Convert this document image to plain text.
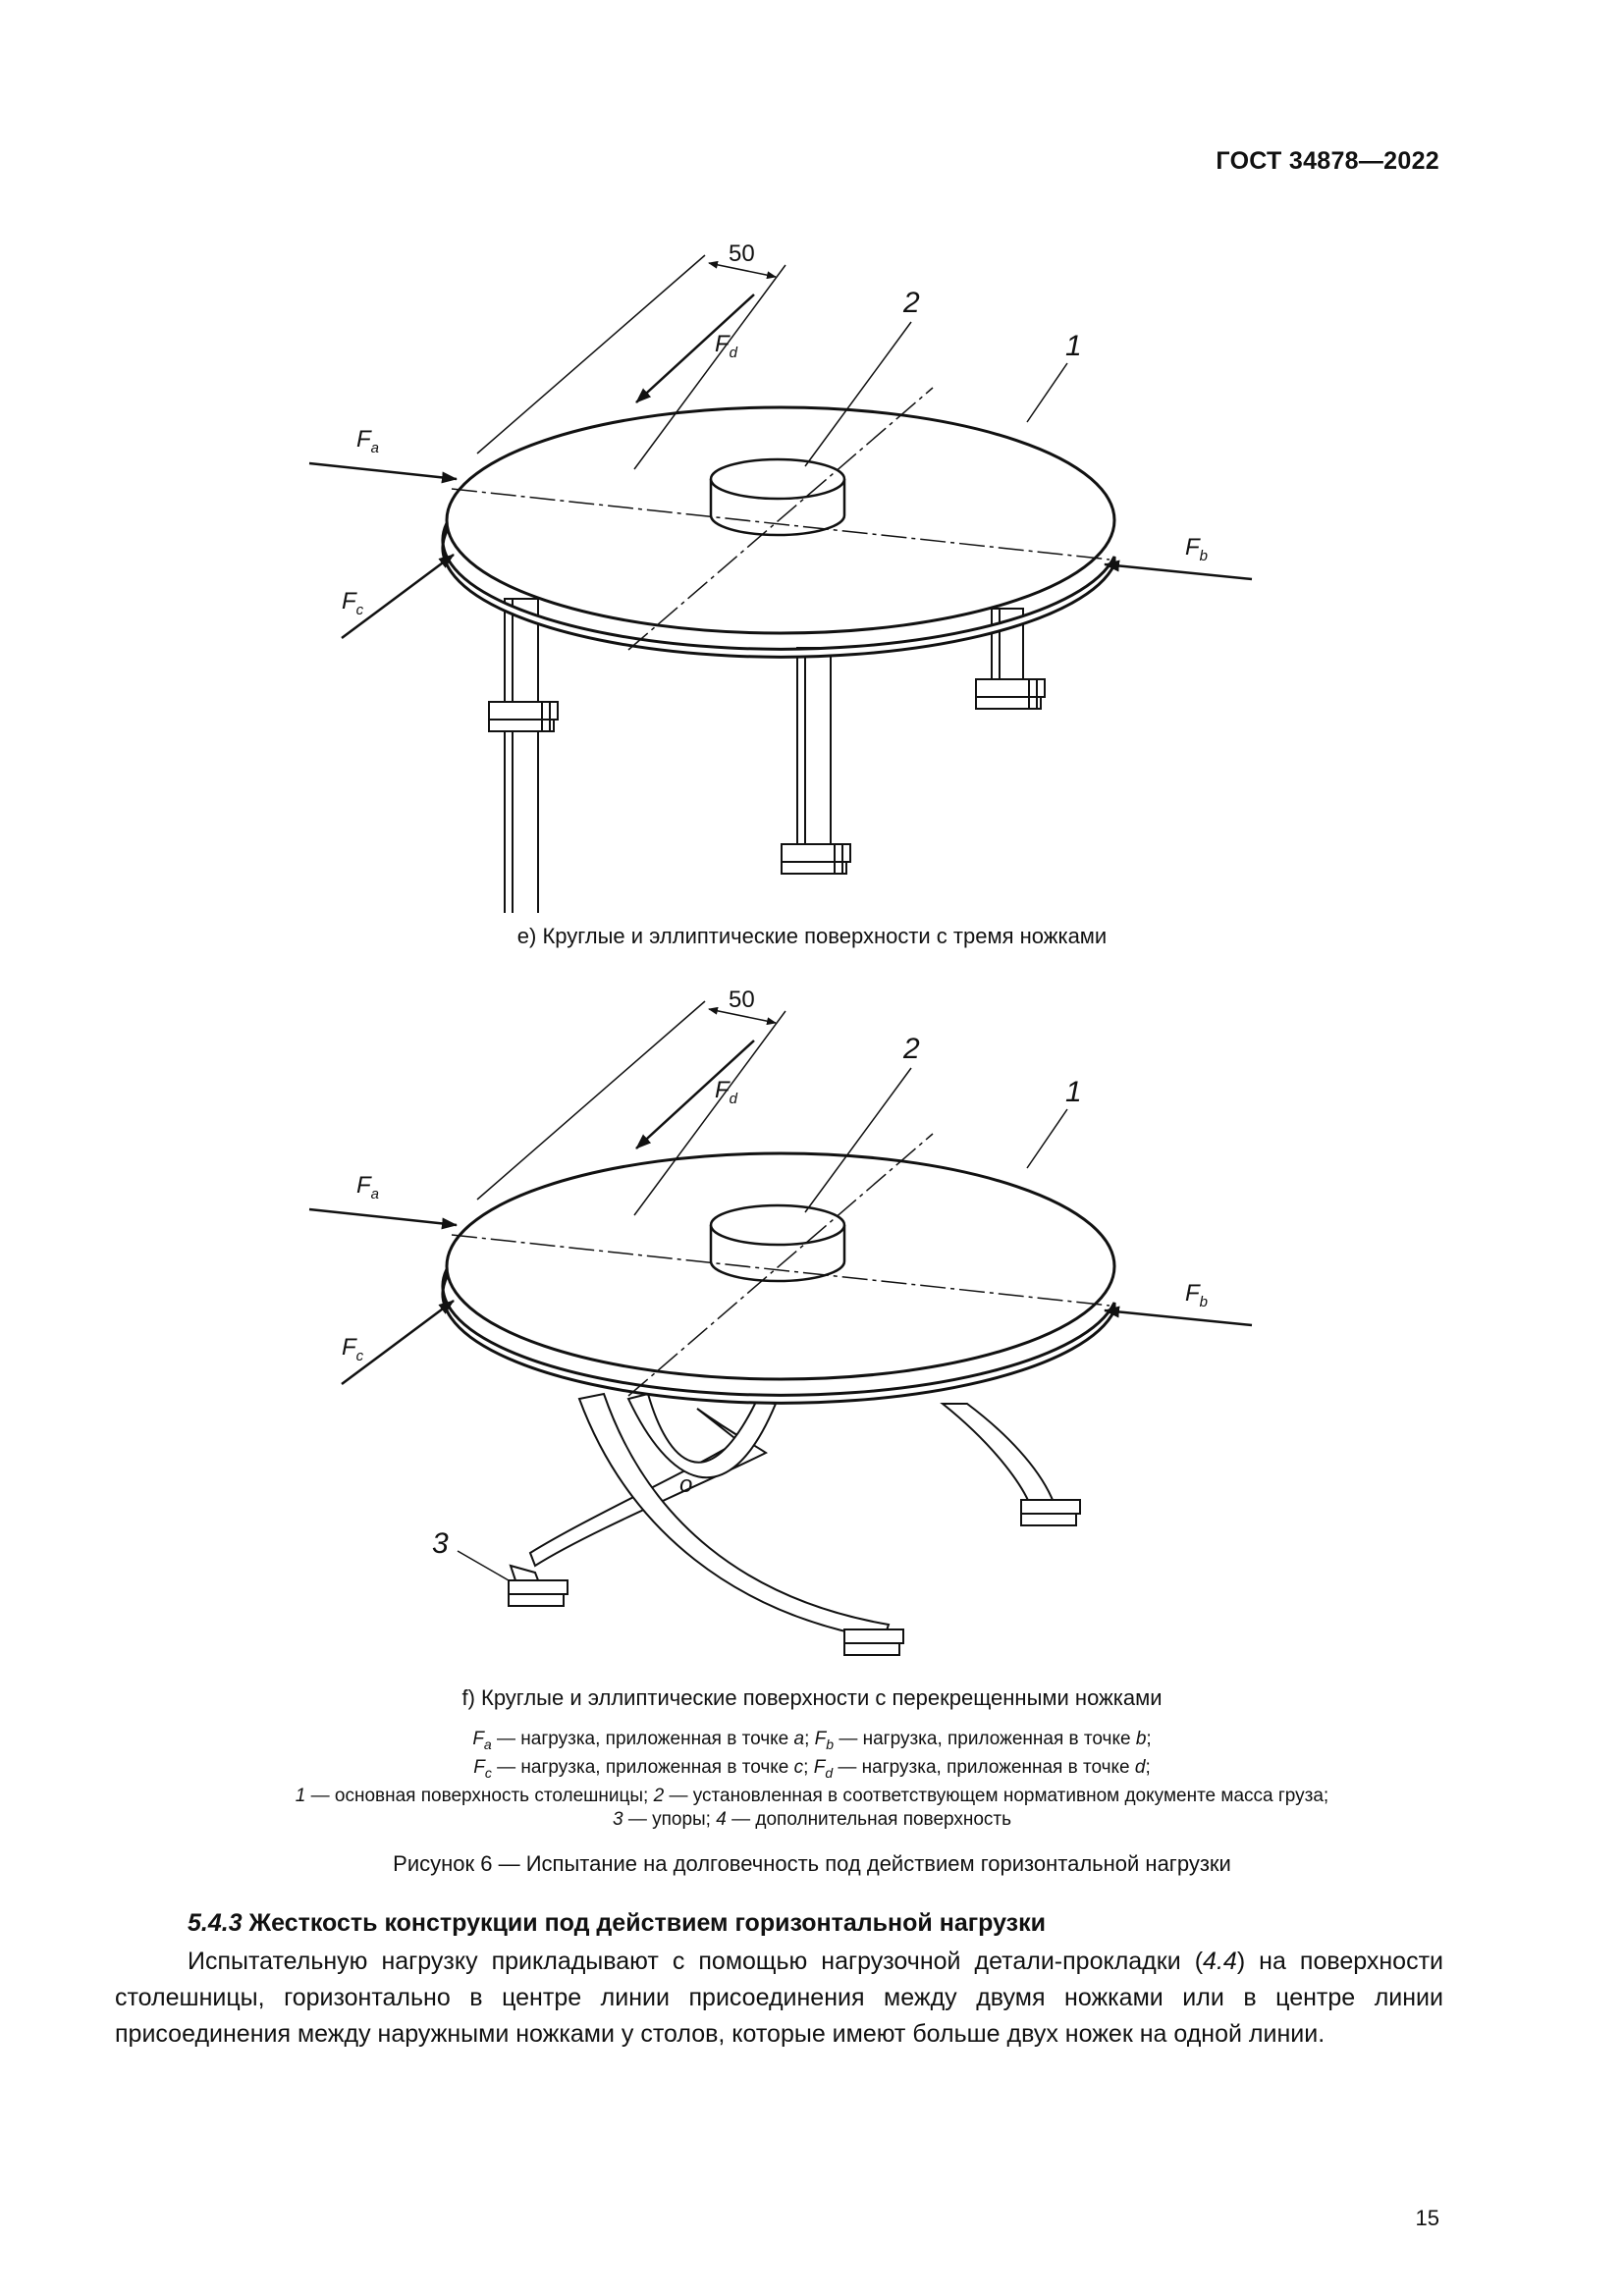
ГОСТ 34878—2022
50
2
1
$F_d$
$F_a$
$F_b$
$F_c$
е) Круглые и эллиптические поверхности с тремя ножками
50
2
1
3
o
$F_d$
$F_a$
$F_b$
$F_c$
f) Круглые и эллиптические поверхности с перекрещенными ножками
$F_a$ — нагрузка, приложенная в точке a; $F_b$ — нагрузка, приложенная в точке b;
$F_c$ — нагрузка, приложенная в точке c; $F_d$ — нагрузка, приложенная в точке d;
1 — основная поверхность столешницы; 2 — установленная в соответствующем нормативном документе масса груза;
3 — упоры; 4 — дополнительная поверхность
Рисунок 6 — Испытание на долговечность под действием горизонтальной нагрузки
5.4.3 Жесткость конструкции под действием горизонтальной нагрузки
Испытательную нагрузку прикладывают с помощью нагрузочной детали-прокладки (4.4) на поверхности столешницы, горизонтально в центре линии присоединения между двумя ножками или в центре линии присоединения между наружными ножками у столов, которые имеют больше двух ножек на одной линии.
15
